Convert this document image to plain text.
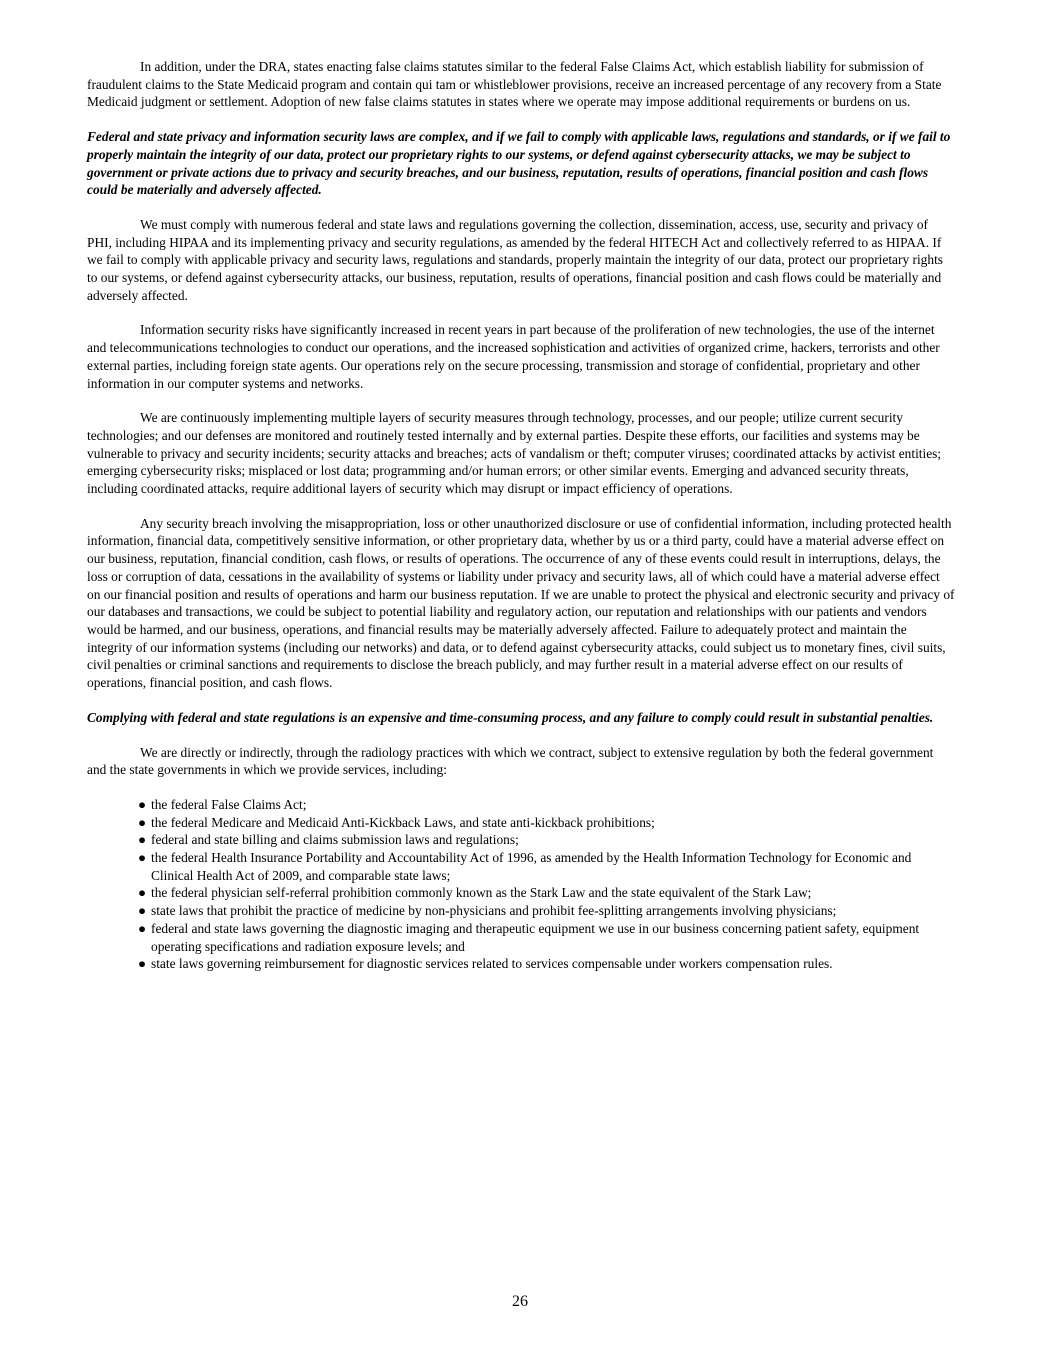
In addition, under the DRA, states enacting false claims statutes similar to the federal False Claims Act, which establish liability for submission of fraudulent claims to the State Medicaid program and contain qui tam or whistleblower provisions, receive an increased percentage of any recovery from a State Medicaid judgment or settlement. Adoption of new false claims statutes in states where we operate may impose additional requirements or burdens on us.

Federal and state privacy and information security laws are complex, and if we fail to comply with applicable laws, regulations and standards, or if we fail to properly maintain the integrity of our data, protect our proprietary rights to our systems, or defend against cybersecurity attacks, we may be subject to government or private actions due to privacy and security breaches, and our business, reputation, results of operations, financial position and cash flows could be materially and adversely affected.

We must comply with numerous federal and state laws and regulations governing the collection, dissemination, access, use, security and privacy of PHI, including HIPAA and its implementing privacy and security regulations, as amended by the federal HITECH Act and collectively referred to as HIPAA. If we fail to comply with applicable privacy and security laws, regulations and standards, properly maintain the integrity of our data, protect our proprietary rights to our systems, or defend against cybersecurity attacks, our business, reputation, results of operations, financial position and cash flows could be materially and adversely affected.

Information security risks have significantly increased in recent years in part because of the proliferation of new technologies, the use of the internet and telecommunications technologies to conduct our operations, and the increased sophistication and activities of organized crime, hackers, terrorists and other external parties, including foreign state agents. Our operations rely on the secure processing, transmission and storage of confidential, proprietary and other information in our computer systems and networks.

We are continuously implementing multiple layers of security measures through technology, processes, and our people; utilize current security technologies; and our defenses are monitored and routinely tested internally and by external parties. Despite these efforts, our facilities and systems may be vulnerable to privacy and security incidents; security attacks and breaches; acts of vandalism or theft; computer viruses; coordinated attacks by activist entities; emerging cybersecurity risks; misplaced or lost data; programming and/or human errors; or other similar events. Emerging and advanced security threats, including coordinated attacks, require additional layers of security which may disrupt or impact efficiency of operations.

Any security breach involving the misappropriation, loss or other unauthorized disclosure or use of confidential information, including protected health information, financial data, competitively sensitive information, or other proprietary data, whether by us or a third party, could have a material adverse effect on our business, reputation, financial condition, cash flows, or results of operations. The occurrence of any of these events could result in interruptions, delays, the loss or corruption of data, cessations in the availability of systems or liability under privacy and security laws, all of which could have a material adverse effect on our financial position and results of operations and harm our business reputation. If we are unable to protect the physical and electronic security and privacy of our databases and transactions, we could be subject to potential liability and regulatory action, our reputation and relationships with our patients and vendors would be harmed, and our business, operations, and financial results may be materially adversely affected. Failure to adequately protect and maintain the integrity of our information systems (including our networks) and data, or to defend against cybersecurity attacks, could subject us to monetary fines, civil suits, civil penalties or criminal sanctions and requirements to disclose the breach publicly, and may further result in a material adverse effect on our results of operations, financial position, and cash flows.

Complying with federal and state regulations is an expensive and time-consuming process, and any failure to comply could result in substantial penalties.

We are directly or indirectly, through the radiology practices with which we contract, subject to extensive regulation by both the federal government and the state governments in which we provide services, including:

● the federal False Claims Act;
● the federal Medicare and Medicaid Anti-Kickback Laws, and state anti-kickback prohibitions;
● federal and state billing and claims submission laws and regulations;
● the federal Health Insurance Portability and Accountability Act of 1996, as amended by the Health Information Technology for Economic and Clinical Health Act of 2009, and comparable state laws;
● the federal physician self-referral prohibition commonly known as the Stark Law and the state equivalent of the Stark Law;
● state laws that prohibit the practice of medicine by non-physicians and prohibit fee-splitting arrangements involving physicians;
● federal and state laws governing the diagnostic imaging and therapeutic equipment we use in our business concerning patient safety, equipment operating specifications and radiation exposure levels; and
● state laws governing reimbursement for diagnostic services related to services compensable under workers compensation rules.
26
